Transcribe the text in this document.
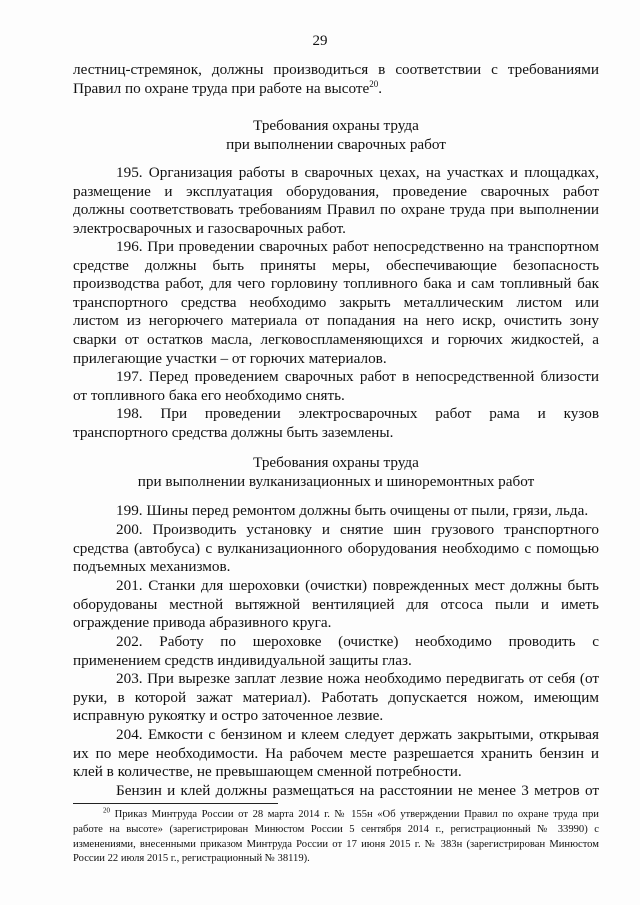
29

лестниц-стремянок, должны производиться в соответствии с требованиями

Правил по охране труда при работе на высоте$^{20}$.

Требования охраны труда

при выполнении сварочных работ

195. Организация работы в сварочных цехах, на участках и площадках,

размещение и эксплуатация оборудования, проведение сварочных работ

должны соответствовать требованиям Правил по охране труда при выполнении

электросварочных и газосварочных работ.

196. При проведении сварочных работ непосредственно на транспортном

средстве должны быть приняты меры, обеспечивающие безопасность

производства работ, для чего горловину топливного бака и сам топливный бак

транспортного средства необходимо закрыть металлическим листом или

листом из негорючего материала от попадания на него искр, очистить зону

сварки от остатков масла, легковоспламеняющихся и горючих жидкостей, а

прилегающие участки – от горючих материалов.

197. Перед проведением сварочных работ в непосредственной близости

от топливного бака его необходимо снять.

198. При проведении электросварочных работ рама и кузов

транспортного средства должны быть заземлены.

Требования охраны труда

при выполнении вулканизационных и шиноремонтных работ

199. Шины перед ремонтом должны быть очищены от пыли, грязи, льда.

200. Производить установку и снятие шин грузового транспортного

средства (автобуса) с вулканизационного оборудования необходимо с помощью

подъемных механизмов.

201. Станки для шероховки (очистки) поврежденных мест должны быть

оборудованы местной вытяжной вентиляцией для отсоса пыли и иметь

ограждение привода абразивного круга.

202. Работу по шероховке (очистке) необходимо проводить с

применением средств индивидуальной защиты глаз.

203. При вырезке заплат лезвие ножа необходимо передвигать от себя (от

руки, в которой зажат материал). Работать допускается ножом, имеющим

исправную рукоятку и остро заточенное лезвие.

204. Емкости с бензином и клеем следует держать закрытыми, открывая

их по мере необходимости. На рабочем месте разрешается хранить бензин и

клей в количестве, не превышающем сменной потребности.

Бензин и клей должны размещаться на расстоянии не менее 3 метров от

$^{20}$ Приказ Минтруда России от 28 марта 2014 г. № 155н «Об утверждении Правил по охране труда при

работе на высоте» (зарегистрирован Минюстом России 5 сентября 2014 г., регистрационный № 33990) с

изменениями, внесенными приказом Минтруда России от 17 июня 2015 г. № 383н (зарегистрирован Минюстом

России 22 июля 2015 г., регистрационный № 38119).
